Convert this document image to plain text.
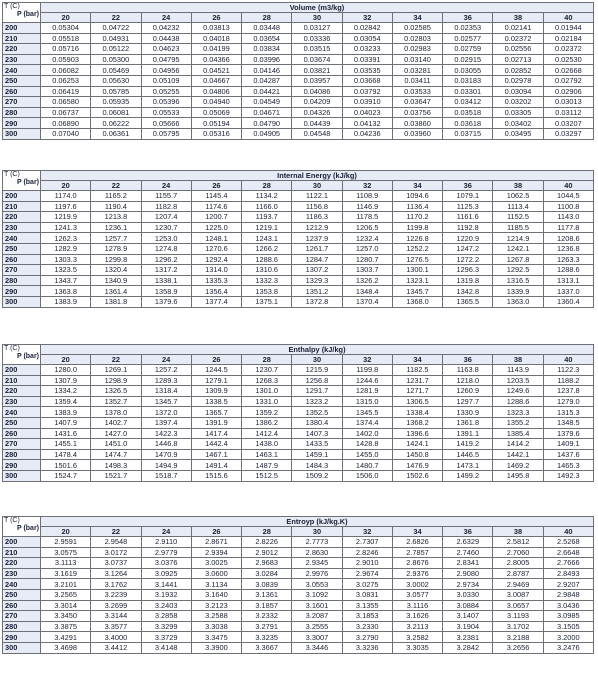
T (C)
P (bar)	Volume (m3/kg)										
	20	22	24	26	28	30	32	34	36	38	40
200	0.05304	0.04722	0.04232	0.03813	0.03448	0.03127	0.02842	0.02585	0.02353	0.02141	0.01944
210	0.05518	0.04931	0.04438	0.04018	0.03654	0.03336	0.03054	0.02803	0.02577	0.02372	0.02184
220	0.05716	0.05122	0.04623	0.04199	0.03834	0.03515	0.03233	0.02983	0.02759	0.02556	0.02372
230	0.05903	0.05300	0.04795	0.04366	0.03996	0.03674	0.03391	0.03140	0.02915	0.02713	0.02530
240	0.06082	0.05469	0.04956	0.04521	0.04146	0.03821	0.03535	0.03281	0.03055	0.02852	0.02668
250	0.06253	0.05630	0.05109	0.04667	0.04287	0.03957	0.03668	0.03411	0.03183	0.02978	0.02792
260	0.06419	0.05785	0.05255	0.04806	0.04421	0.04086	0.03792	0.03533	0.03301	0.03094	0.02906
270	0.06580	0.05935	0.05396	0.04940	0.04549	0.04209	0.03910	0.03647	0.03412	0.03202	0.03013
280	0.06737	0.06081	0.05533	0.05069	0.04671	0.04326	0.04023	0.03756	0.03518	0.03305	0.03112
290	0.06890	0.06222	0.05666	0.05194	0.04790	0.04439	0.04132	0.03860	0.03618	0.03402	0.03207
300	0.07040	0.06361	0.05795	0.05316	0.04905	0.04548	0.04236	0.03960	0.03715	0.03495	0.03297
T (C)
P (bar)	Internal Energy (kJ/kg)										
	20	22	24	26	28	30	32	34	36	38	40
200	1174.0	1165.2	1155.7	1145.4	1134.2	1122.1	1108.9	1094.6	1079.1	1062.5	1044.5
210	1197.6	1190.4	1182.8	1174.6	1166.0	1156.8	1146.9	1136.4	1125.3	1113.4	1100.8
220	1219.9	1213.8	1207.4	1200.7	1193.7	1186.3	1178.5	1170.2	1161.6	1152.5	1143.0
230	1241.3	1236.1	1230.7	1225.0	1219.1	1212.9	1206.5	1199.8	1192.8	1185.5	1177.8
240	1262.3	1257.7	1253.0	1248.1	1243.1	1237.9	1232.4	1226.8	1220.9	1214.9	1208.6
250	1282.9	1278.9	1274.8	1270.6	1266.2	1261.7	1257.0	1252.2	1247.2	1242.1	1236.8
260	1303.3	1299.8	1296.2	1292.4	1288.6	1284.7	1280.7	1276.5	1272.2	1267.8	1263.3
270	1323.5	1320.4	1317.2	1314.0	1310.6	1307.2	1303.7	1300.1	1296.3	1292.5	1288.6
280	1343.7	1340.9	1338.1	1335.3	1332.3	1329.3	1326.2	1323.1	1319.8	1316.5	1313.1
290	1363.8	1361.4	1358.9	1356.4	1353.8	1351.2	1348.4	1345.7	1342.8	1339.9	1337.0
300	1383.9	1381.8	1379.6	1377.4	1375.1	1372.8	1370.4	1368.0	1365.5	1363.0	1360.4
T (C)
P (bar)	Enthalpy (kJ/kg)										
	20	22	24	26	28	30	32	34	36	38	40
200	1280.0	1269.1	1257.2	1244.5	1230.7	1215.9	1199.8	1182.5	1163.8	1143.9	1122.3
210	1307.9	1298.9	1289.3	1279.1	1268.3	1256.8	1244.6	1231.7	1218.0	1203.5	1188.2
220	1334.2	1326.5	1318.4	1309.9	1301.0	1291.7	1281.9	1271.7	1260.9	1249.6	1237.8
230	1359.4	1352.7	1345.7	1338.5	1331.0	1323.2	1315.0	1306.5	1297.7	1288.6	1279.0
240	1383.9	1378.0	1372.0	1365.7	1359.2	1352.5	1345.5	1338.4	1330.9	1323.3	1315.3
250	1407.9	1402.7	1397.4	1391.9	1386.2	1380.4	1374.4	1368.2	1361.8	1355.2	1348.5
260	1431.6	1427.0	1422.3	1417.4	1412.4	1407.3	1402.0	1396.6	1391.1	1385.4	1379.6
270	1455.1	1451.0	1446.8	1442.4	1438.0	1433.5	1428.8	1424.1	1419.2	1414.2	1409.1
280	1478.4	1474.7	1470.9	1467.1	1463.1	1459.1	1455.0	1450.8	1446.5	1442.1	1437.6
290	1501.6	1498.3	1494.9	1491.4	1487.9	1484.3	1480.7	1476.9	1473.1	1469.2	1465.3
300	1524.7	1521.7	1518.7	1515.6	1512.5	1509.2	1506.0	1502.6	1499.2	1495.8	1492.3
T (C)
P (bar)	Entroyp (kJ/kg.K)										
	20	22	24	26	28	30	32	34	36	38	40
200	2.9591	2.9548	2.9110	2.8671	2.8226	2.7773	2.7307	2.6826	2.6329	2.5812	2.5268
210	3.0575	3.0172	2.9779	2.9394	2.9012	2.8630	2.8246	2.7857	2.7460	2.7060	2.6648
220	3.1113	3.0737	3.0376	3.0025	2.9683	2.9345	2.9010	2.8676	2.8341	2.8005	2.7666
230	3.1619	3.1264	3.0925	3.0600	3.0284	2.9976	2.9674	2.9376	2.9080	2.8787	2.8493
240	3.2101	3.1762	3.1441	3.1134	3.0839	3.0553	3.0275	3.0002	2.9734	2.9469	2.9207
250	3.2565	3.2239	3.1932	3.1640	3.1361	3.1092	3.0831	3.0577	3.0330	3.0087	2.9848
260	3.3014	3.2699	3.2403	3.2123	3.1857	3.1601	3.1355	3.1116	3.0884	3.0657	3.0436
270	3.3450	3.3144	3.2858	3.2588	3.2332	3.2087	3.1853	3.1626	3.1407	3.1193	3.0985
280	3.3875	3.3577	3.3299	3.3038	3.2791	3.2555	3.2330	3.2113	3.1904	3.1702	3.1505
290	3.4291	3.4000	3.3729	3.3475	3.3235	3.3007	3.2790	3.2582	3.2381	3.2188	3.2000
300	3.4698	3.4412	3.4148	3.3900	3.3667	3.3446	3.3236	3.3035	3.2842	3.2656	3.2476
